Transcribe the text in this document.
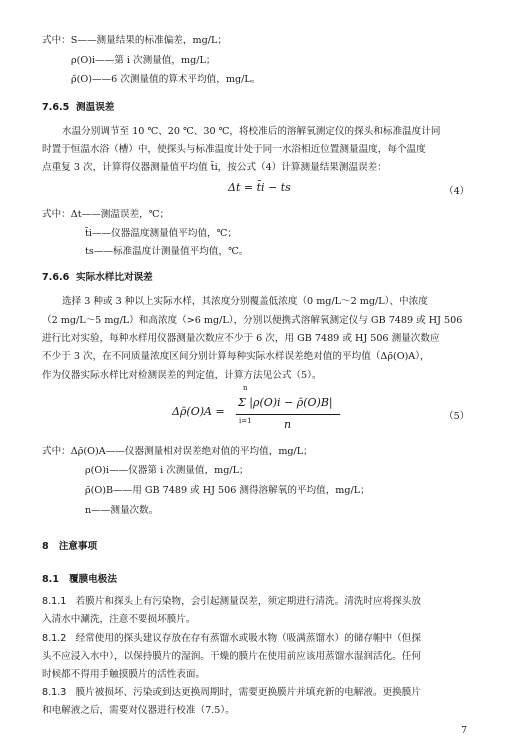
式中：S——测量结果的标准偏差，mg/L；
ρ(O)i——第 i 次测量值，mg/L；
ρ̄(O)——6 次测量值的算术平均值，mg/L。
7.6.5 测温误差
水温分别调节至 10 ℃、20 ℃、30 ℃，将校准后的溶解氧测定仪的探头和标准温度计同
时置于恒温水浴（槽）中，使探头与标准温度计处于同一水浴相近位置测量温度，每个温度
点重复 3 次，计算得仪器测量值平均值 t̄i，按公式（4）计算测量结果测温误差：
Δt = t̄i − ts	（4）
式中：Δt——测温误差，℃；
t̄i——仪器温度测量值平均值，℃；
ts——标准温度计测量值平均值，℃。
7.6.6 实际水样比对误差
选择 3 种或 3 种以上实际水样，其浓度分别覆盖低浓度（0 mg/L～2 mg/L）、中浓度
（2 mg/L～5 mg/L）和高浓度（>6 mg/L），分别以便携式溶解氧测定仪与 GB 7489 或 HJ 506
进行比对实验，每种水样用仪器测量次数应不少于 6 次，用 GB 7489 或 HJ 506 测量次数应
不少于 3 次，在不同质量浓度区间分别计算每种实际水样误差绝对值的平均值（Δρ̄(O)A），
作为仪器实际水样比对检测误差的判定值，计算方法见公式（5）。
Δρ̄(O)A =
n
i=1
Σ |ρ(O)i − ρ̄(O)B|
n
（5）
式中：Δρ̄(O)A——仪器测量相对误差绝对值的平均值，mg/L；
ρ(O)i——仪器第 i 次测量值，mg/L；
ρ̄(O)B——用 GB 7489 或 HJ 506 测得溶解氧的平均值，mg/L；
n——测量次数。
8 注意事项
8.1 覆膜电极法
8.1.1 若膜片和探头上有污染物，会引起测量误差，须定期进行清洗。清洗时应将探头放
入清水中涮洗，注意不要损坏膜片。
8.1.2 经常使用的探头建议存放在存有蒸馏水或吸水物（吸满蒸馏水）的储存帽中（但探
头不应浸入水中），以保持膜片的湿润。干燥的膜片在使用前应该用蒸馏水湿润活化。任何
时候都不得用手触摸膜片的活性表面。
8.1.3 膜片被损坏、污染或到达更换周期时，需要更换膜片并填充新的电解液。更换膜片
和电解液之后，需要对仪器进行校准（7.5）。
7
